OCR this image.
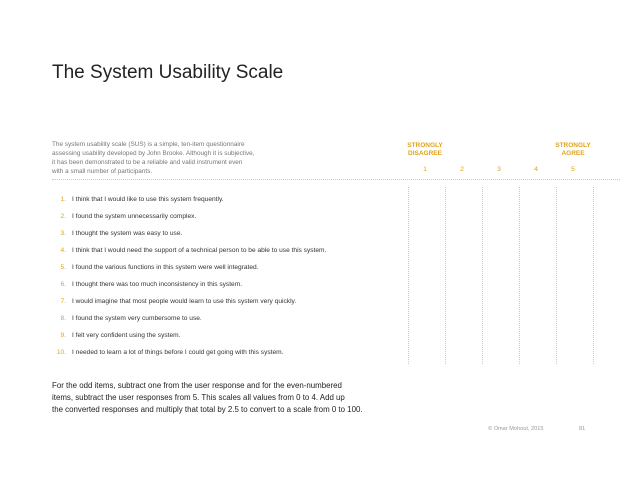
The System Usability Scale
The system usability scale (SUS) is a simple, ten-item questionnaire
assessing usability developed by John Brooke. Although it is subjective,
it has been demonstrated to be a reliable and valid instrument even
with a small number of participants.
STRONGLY
DISAGREE
STRONGLY
AGREE
1	2	3	4	5
1. I think that I would like to use this system frequently.
2. I found the system unnecessarily complex.
3. I thought the system was easy to use.
4. I think that I would need the support of a technical person to be able to use this system.
5. I found the various functions in this system were well integrated.
6. I thought there was too much inconsistency in this system.
7. I would imagine that most people would learn to use this system very quickly.
8. I found the system very cumbersome to use.
9. I felt very confident using the system.
10. I needed to learn a lot of things before I could get going with this system.
For the odd items, subtract one from the user response and for the even-numbered
items, subtract the user responses from 5. This scales all values from 0 to 4. Add up
the converted responses and multiply that total by 2.5 to convert to a scale from 0 to 100.
© Omar Mohout, 2015	81
